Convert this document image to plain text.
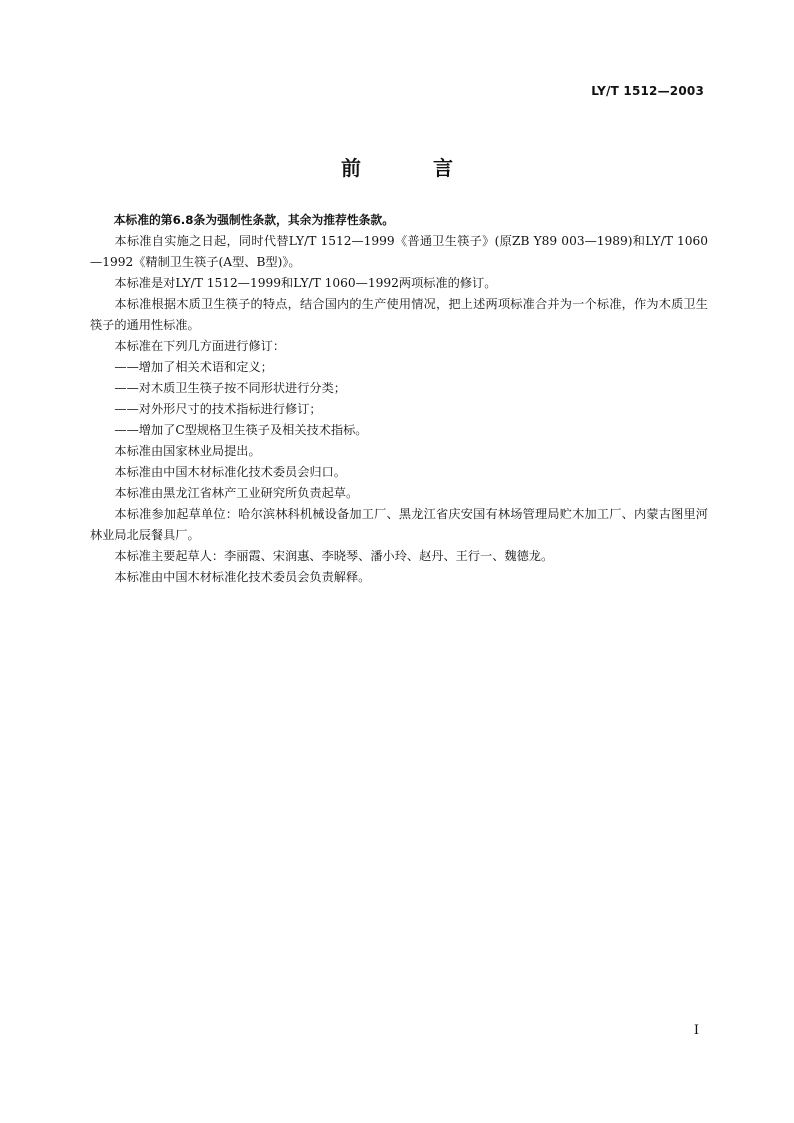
LY/T 1512—2003
前　言

本标准的第6.8条为强制性条款，其余为推荐性条款。

本标准自实施之日起，同时代替LY/T 1512—1999《普通卫生筷子》(原ZB Y89 003—1989)和LY/T 1060—1992《精制卫生筷子(A型、B型)》。

本标准是对LY/T 1512—1999和LY/T 1060—1992两项标准的修订。

本标准根据木质卫生筷子的特点，结合国内的生产使用情况，把上述两项标准合并为一个标准，作为木质卫生筷子的通用性标准。

本标准在下列几方面进行修订：

——增加了相关术语和定义；

——对木质卫生筷子按不同形状进行分类；

——对外形尺寸的技术指标进行修订；

——增加了C型规格卫生筷子及相关技术指标。

本标准由国家林业局提出。

本标准由中国木材标准化技术委员会归口。

本标准由黑龙江省林产工业研究所负责起草。

本标准参加起草单位：哈尔滨林科机械设备加工厂、黑龙江省庆安国有林场管理局贮木加工厂、内蒙古图里河林业局北辰餐具厂。

本标准主要起草人：李丽霞、宋润惠、李晓琴、潘小玲、赵丹、王行一、魏德龙。

本标准由中国木材标准化技术委员会负责解释。

I
